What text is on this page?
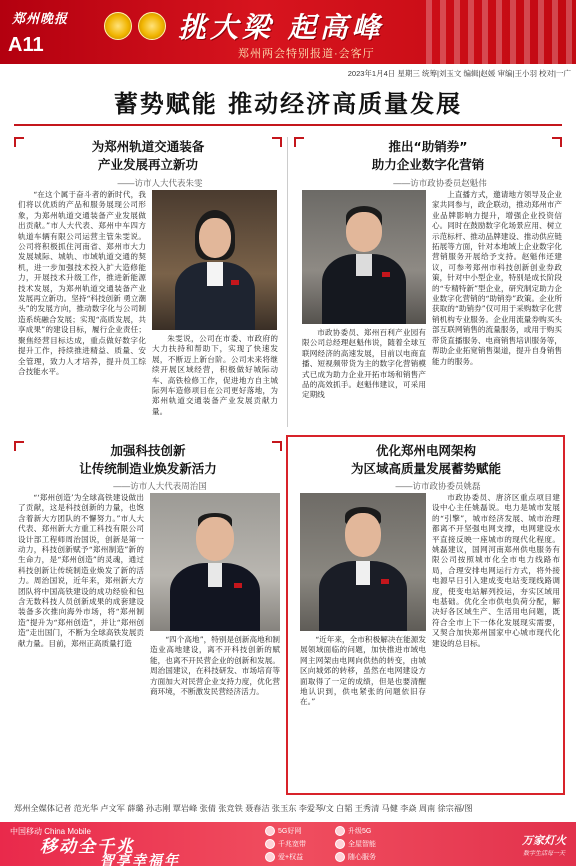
郑州晚报
A11
挑大梁 起高峰
郑州两会特别报道·会客厅
2023年1月4日 星期三 统筹|刘玉文 编辑|赵媛 审编|王小羽 校对|一广
蓄势赋能 推动经济高质量发展
为郑州轨道交通装备
产业发展再立新功
——访市人大代表朱雯

“在这个属于奋斗者的新时代，我们将以优质的产品和服务展现公司形象，为郑州轨道交通装备产业发展做出贡献。”市人大代表、郑州中车四方轨道车辆有限公司运营主管朱雯说。公司将积极抓住河南省、郑州市大力发展城际、城轨、市域轨道交通的契机，进一步加强技术投入扩大造修能力，开展技术升级工作，推进新能源技术发展，为郑州轨道交通装备产业发展再立新功。坚持“科技创新 勇立潮头”的发展方向，推动数字化与公司制造系统融合发展；实现“高质发展，共享成果”的建设目标，履行企业责任；聚焦经营目标达成，重点做好数字化提升工作，持续推进精益、质量、安全管理，致力人才培养，提升员工综合技能水平。

朱雯说，公司在市委、市政府的大力扶持和帮助下，实现了快速发展，不断迈上新台阶。公司未来将继续开展区域经营，积极做好城际动车、高铁检修工作，促进地方自主城际列车造修项目在公司更好落地，为郑州轨道交通装备产业发展贡献力量。

推出“助销券”
助力企业数字化营销
——访市政协委员赵魁伟

市政协委员、郑州百利产业园有限公司总经理赵魁伟说，随着全球互联网经济的高速发展，目前以电商直播、短视频带货为主的数字化营销模式已成为助力企业开拓市场和销售产品的高效抓手。赵魁伟建议，可采用定期线

上直播方式，邀请地方领导及企业家共同参与，政企联动，推动郑州市产业品牌影响力提升，增强企业投资信心。同时在鼓励数字化场景应用、树立示范标杆、推动品牌建设、推动供应链拓展等方面，针对本地域上企业数字化营销服务开展给予支持。赵魁伟还建议，可参考郑州市科技创新创业券政策，针对中小型企业，特别是成长阶段的“专精特新”型企业，研究制定助力企业数字化营销的“助销券”政策。企业所获取的“助销券”仅可用于采购数字化营销机构专业服务。企业用流量券购买头部互联网销售的流量服务，或用于购买带货直播服务、电商销售培训服务等，帮助企业拓宽销售渠道，提升自身销售能力的服务。

加强科技创新
让传统制造业焕发新活力
——访市人大代表周治国

“‘郑州创造’为全球高铁建设做出了贡献，这是科技创新的力量，也饱含着新大方团队的不懈努力。”市人大代表、郑州新大方重工科技有限公司设计部工程师周治国说，创新是第一动力，科技创新赋予“郑州制造”新的生命力，是“郑州创造”的灵魂，通过科技创新让传统制造业焕发了新的活力。周治国说，近年来，郑州新大方团队将中国高铁建设的成功经验和包含无数科技人员创新成果的成套建设装备多次推向海外市场，将“郑州制造”提升为“郑州创造”，并让“郑州创造”走出国门，不断为全球高铁发展贡献力量。目前，郑州正高质量打造	“四个高地”，特别是创新高地和制造业高地建设，离不开科技创新的赋能，也离不开民营企业的创新和发展。周治国建议，在科技研发、市场培育等方面加大对民营企业支持力度，优化营商环境，不断激发民营经济活力。

优化郑州电网架构
为区域高质量发展蓄势赋能
——访市政协委员姚磊

“近年来，全市积极解决在能源发展领域面临的问题，加快推进市域电网主网架由电网向供热的转变，由城区向城郊的转移，虽然在电网建设方面取得了一定的成绩，但是也要清醒地认识到，供电紧张的问题依旧存在。”

市政协委员、唐济区重点项目建设中心主任姚磊说。电力是城市发展的“引擎”，城市经济发展、城市治理都离不开坚强电网支撑，电网建设水平直接反映一座城市的现代化程度。姚磊建议，国网河南郑州供电服务有限公司按照城市化全市电力线路布局，合理安排电网运行方式，将外接电源早日引入建成变电站变现线路调度，使变电站解列投运，夯实区域用电基础。优化全市供电负荷分配，解决好各区域生产、生活用电问题，既符合全市上下一体化发展现实需要，又契合加快郑州国家中心城市现代化建设的总目标。

郑州全媒体记者 范光华 卢文军 薛璐 孙志刚 覃岩峰 张倩 张竞铁 聂春洁 张玉东 李爱琴/文 白韬 王秀清 马健 李焱 周南 徐宗福/图
中国移动 China Mobile
移动全千兆
智享幸福年
5G好网	升级5G
千兆宽带	全屋智能
爱+权益	随心服务
万家灯火
数字生活每一天
